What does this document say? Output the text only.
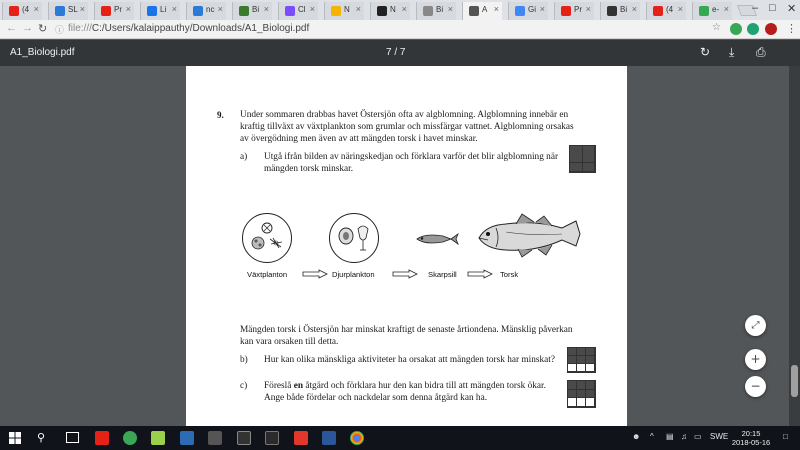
– □ ✕
(4 ×	SL ×	Pr ×	Li ×	nc ×	Bi ×	Cl ×	N ×	N ×	Bi ×	A ×	Gi ×	Pr ×	Bi ×	(4 ×	e- ×
← → ↻ ⓘ file:///C:/Users/kalaippauthy/Downloads/A1_Biologi.pdf	☆	⋮
A1_Biologi.pdf	7 / 7	↻ ⤓ ⎙
9. Under sommaren drabbas havet Östersjön ofta av algblomning. Algblomning innebär en kraftig tillväxt av växtplankton som grumlar och missfärgar vattnet. Algblomning orsakas av övergödning men även av att mängden torsk i havet minskar.
a) Utgå ifrån bilden av näringskedjan och förklara varför det blir algblomning när mängden torsk minskar.
Växtplanton	Djurplankton	Skarpsill	Torsk
Mängden torsk i Östersjön har minskat kraftigt de senaste årtiondena. Mänsklig påverkan kan vara orsaken till detta.
b) Hur kan olika mänskliga aktiviteter ha orsakat att mängden torsk har minskat?
c) Föreslå en åtgärd och förklara hur den kan bidra till att mängden torsk ökar. Ange både fördelar och nackdelar som denna åtgärd kan ha.
⤢
+
−
⚲	☻ ^ ▤ ♫ ▭ SWE	20:15
2018-05-16
□
